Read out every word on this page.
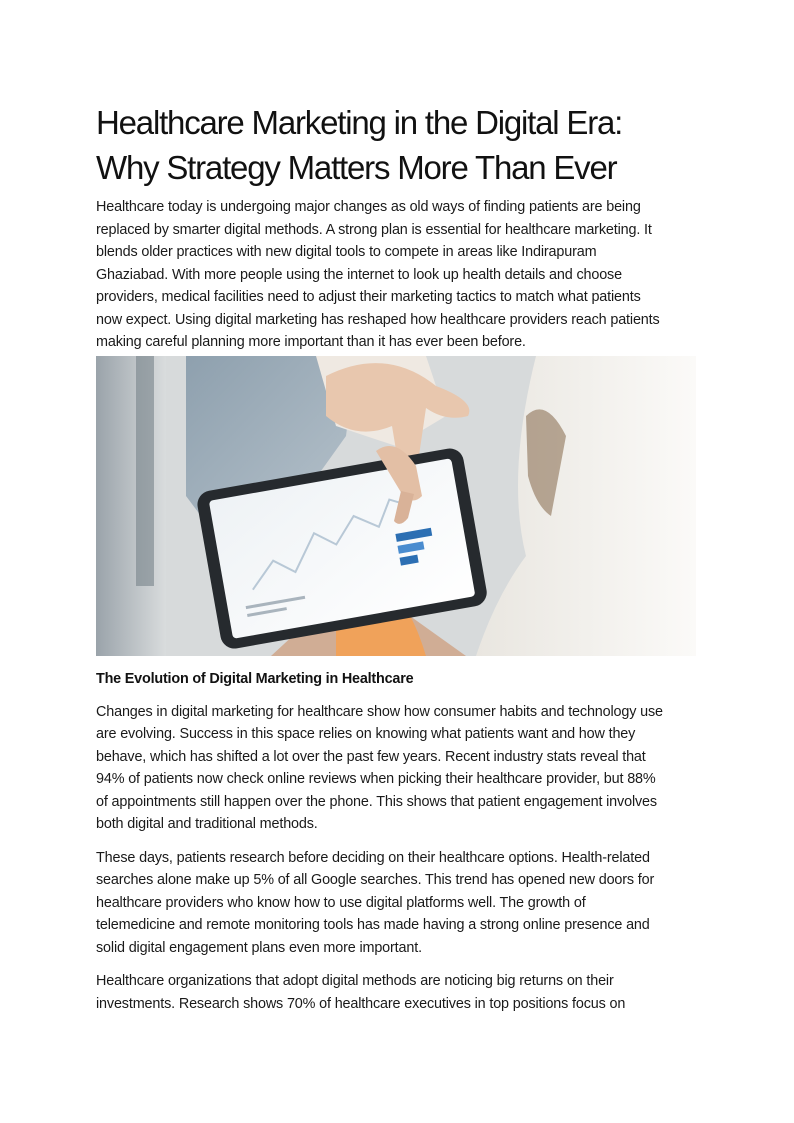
Healthcare Marketing in the Digital Era:
Why Strategy Matters More Than Ever

Healthcare today is undergoing major changes as old ways of finding patients are being
replaced by smarter digital methods. A strong plan is essential for healthcare marketing. It
blends older practices with new digital tools to compete in areas like Indirapuram
Ghaziabad. With more people using the internet to look up health details and choose
providers, medical facilities need to adjust their marketing tactics to match what patients
now expect. Using digital marketing has reshaped how healthcare providers reach patients
making careful planning more important than it has ever been before.

The Evolution of Digital Marketing in Healthcare

Changes in digital marketing for healthcare show how consumer habits and technology use
are evolving. Success in this space relies on knowing what patients want and how they
behave, which has shifted a lot over the past few years. Recent industry stats reveal that
94% of patients now check online reviews when picking their healthcare provider, but 88%
of appointments still happen over the phone. This shows that patient engagement involves
both digital and traditional methods.

These days, patients research before deciding on their healthcare options. Health-related
searches alone make up 5% of all Google searches. This trend has opened new doors for
healthcare providers who know how to use digital platforms well. The growth of
telemedicine and remote monitoring tools has made having a strong online presence and
solid digital engagement plans even more important.

Healthcare organizations that adopt digital methods are noticing big returns on their
investments. Research shows 70% of healthcare executives in top positions focus on
